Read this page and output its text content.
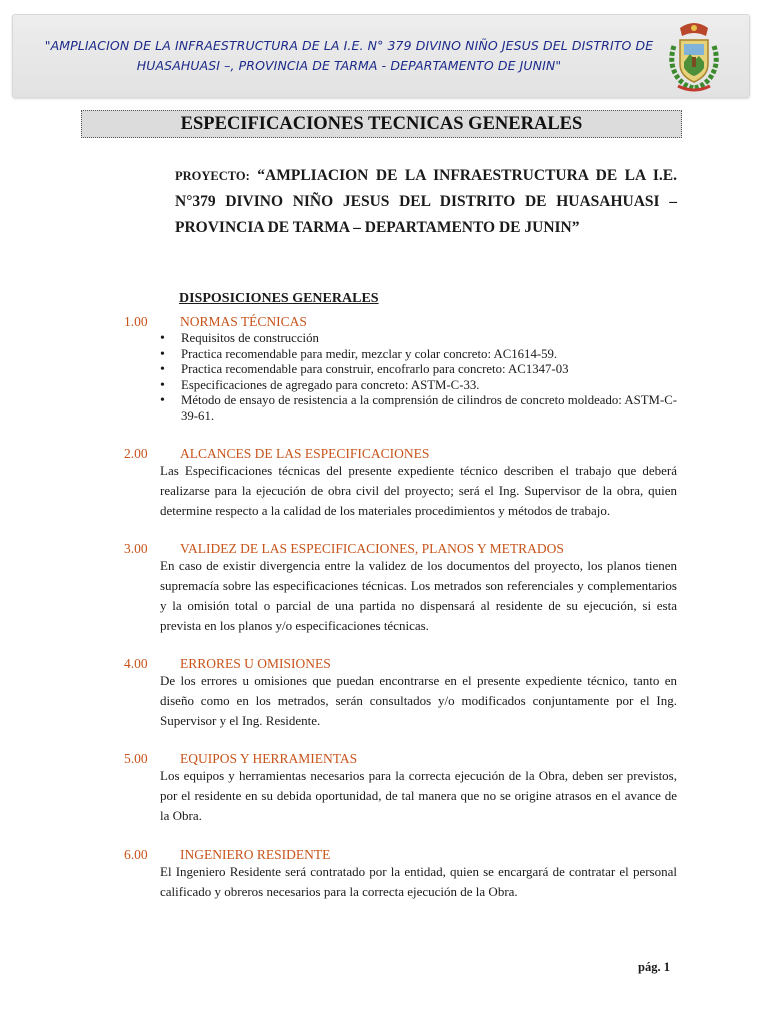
"AMPLIACION DE LA INFRAESTRUCTURA DE LA I.E. N° 379 DIVINO NIÑO JESUS DEL DISTRITO DE
HUASAHUASI –, PROVINCIA DE TARMA - DEPARTAMENTO DE JUNIN"
ESPECIFICACIONES TECNICAS GENERALES
PROYECTO: “AMPLIACION DE LA INFRAESTRUCTURA DE LA I.E. N°379 DIVINO NIÑO JESUS DEL DISTRITO DE HUASAHUASI – PROVINCIA DE TARMA – DEPARTAMENTO DE JUNIN”
DISPOSICIONES GENERALES
1.00 NORMAS TÉCNICAS
• Requisitos de construcción
• Practica recomendable para medir, mezclar y colar concreto: AC1614-59.
• Practica recomendable para construir, encofrarlo para concreto: AC1347-03
• Especificaciones de agregado para concreto: ASTM-C-33.
• Método de ensayo de resistencia a la comprensión de cilindros de concreto moldeado: ASTM-C-39-61.
2.00 ALCANCES DE LAS ESPECIFICACIONES
Las Especificaciones técnicas del presente expediente técnico describen el trabajo que deberá realizarse para la ejecución de obra civil del proyecto; será el Ing. Supervisor de la obra, quien determine respecto a la calidad de los materiales procedimientos y métodos de trabajo.
3.00 VALIDEZ DE LAS ESPECIFICACIONES, PLANOS Y METRADOS
En caso de existir divergencia entre la validez de los documentos del proyecto, los planos tienen supremacía sobre las especificaciones técnicas. Los metrados son referenciales y complementarios y la omisión total o parcial de una partida no dispensará al residente de su ejecución, si esta prevista en los planos y/o especificaciones técnicas.
4.00 ERRORES U OMISIONES
De los errores u omisiones que puedan encontrarse en el presente expediente técnico, tanto en diseño como en los metrados, serán consultados y/o modificados conjuntamente por el Ing. Supervisor y el Ing. Residente.
5.00 EQUIPOS Y HERRAMIENTAS
Los equipos y herramientas necesarios para la correcta ejecución de la Obra, deben ser previstos, por el residente en su debida oportunidad, de tal manera que no se origine atrasos en el avance de la Obra.
6.00 INGENIERO RESIDENTE
El Ingeniero Residente será contratado por la entidad, quien se encargará de contratar el personal calificado y obreros necesarios para la correcta ejecución de la Obra.
pág. 1
